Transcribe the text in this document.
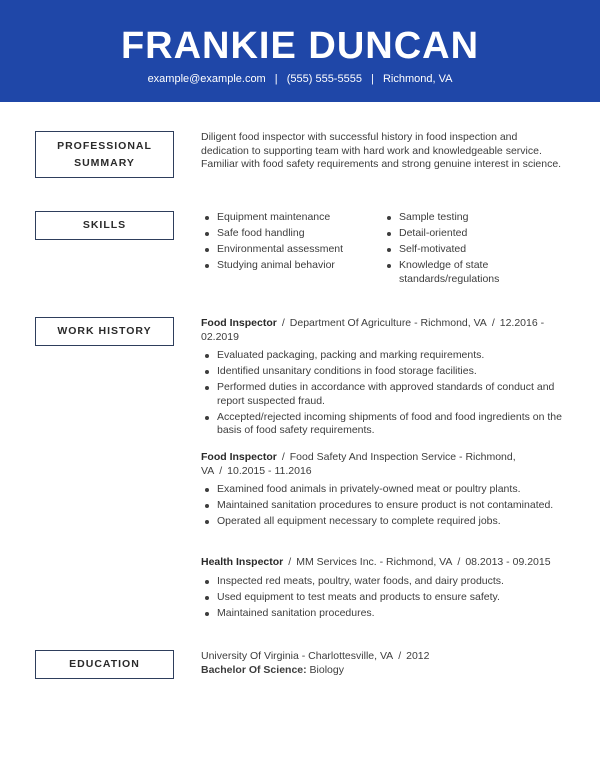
FRANKIE DUNCAN
example@example.com | (555) 555-5555 | Richmond, VA
PROFESSIONAL
SUMMARY

Diligent food inspector with successful history in food inspection and dedication to supporting team with hard work and knowledgeable service. Familiar with food safety requirements and strong genuine interest in science.

SKILLS
Equipment maintenance
Safe food handling
Environmental assessment
Studying animal behavior
Sample testing
Detail-oriented
Self-motivated
Knowledge of state standards/regulations
WORK HISTORY

Food Inspector / Department Of Agriculture - Richmond, VA / 12.2016 - 02.2019

Evaluated packaging, packing and marking requirements.
Identified unsanitary conditions in food storage facilities.
Performed duties in accordance with approved standards of conduct and report suspected fraud.
Accepted/rejected incoming shipments of food and food ingredients on the basis of food safety requirements.

Food Inspector / Food Safety And Inspection Service - Richmond, VA / 10.2015 - 11.2016

Examined food animals in privately-owned meat or poultry plants.
Maintained sanitation procedures to ensure product is not contaminated.
Operated all equipment necessary to complete required jobs.

Health Inspector / MM Services Inc. - Richmond, VA / 08.2013 - 09.2015

Inspected red meats, poultry, water foods, and dairy products.
Used equipment to test meats and products to ensure safety.
Maintained sanitation procedures.
EDUCATION

University Of Virginia - Charlottesville, VA / 2012

Bachelor Of Science: Biology
